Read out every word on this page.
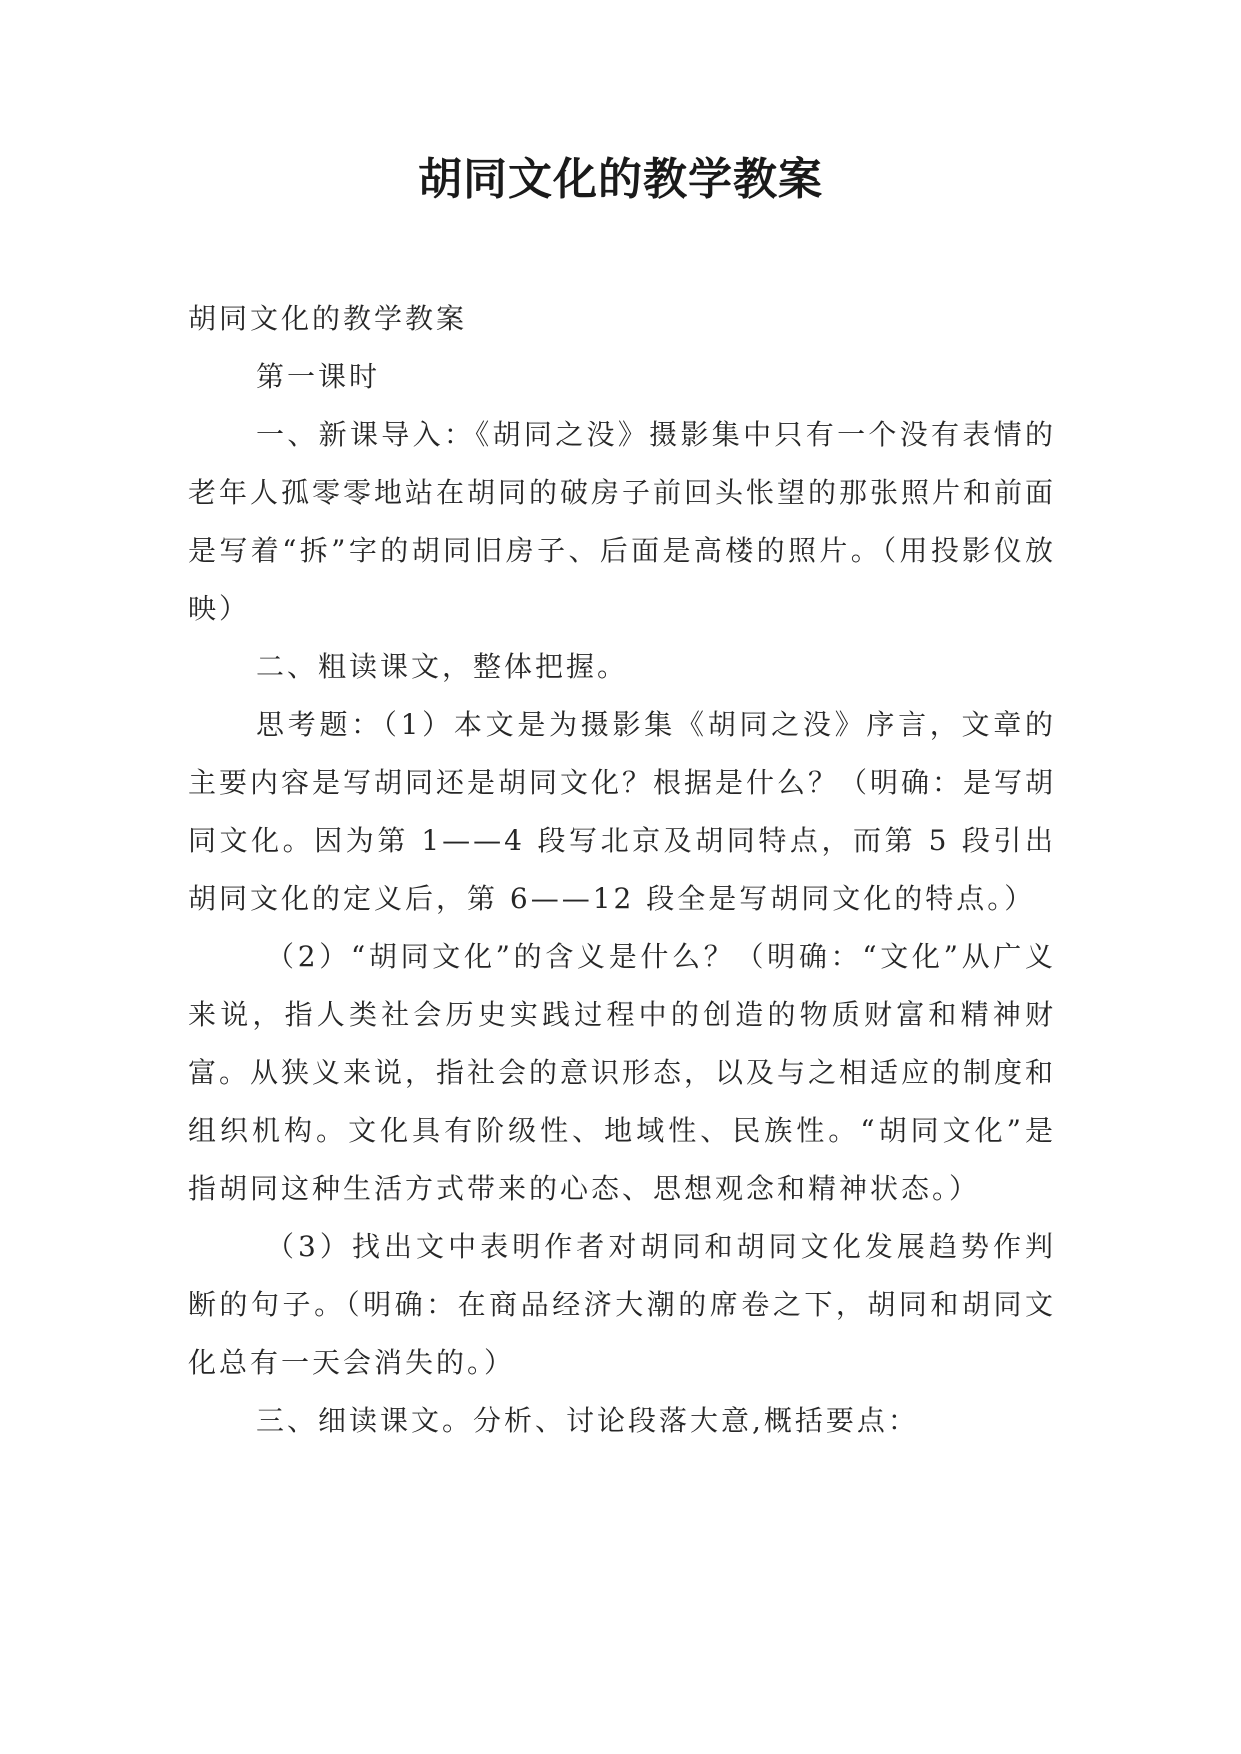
胡同文化的教学教案

胡同文化的教学教案

第一课时

一、新课导入：《胡同之没》摄影集中只有一个没有表情的老年人孤零零地站在胡同的破房子前回头怅望的那张照片和前面是写着“拆”字的胡同旧房子、后面是高楼的照片。（用投影仪放映）

二、粗读课文，整体把握。

思考题：（1）本文是为摄影集《胡同之没》序言，文章的主要内容是写胡同还是胡同文化？根据是什么？（明确：是写胡同文化。因为第 1——4 段写北京及胡同特点，而第 5 段引出胡同文化的定义后，第 6——12 段全是写胡同文化的特点。）

（2）“胡同文化”的含义是什么？（明确：“文化”从广义来说，指人类社会历史实践过程中的创造的物质财富和精神财富。从狭义来说，指社会的意识形态，以及与之相适应的制度和组织机构。文化具有阶级性、地域性、民族性。“胡同文化”是指胡同这种生活方式带来的心态、思想观念和精神状态。）

（3）找出文中表明作者对胡同和胡同文化发展趋势作判断的句子。（明确：在商品经济大潮的席卷之下，胡同和胡同文化总有一天会消失的。）

三、细读课文。分析、讨论段落大意,概括要点：
